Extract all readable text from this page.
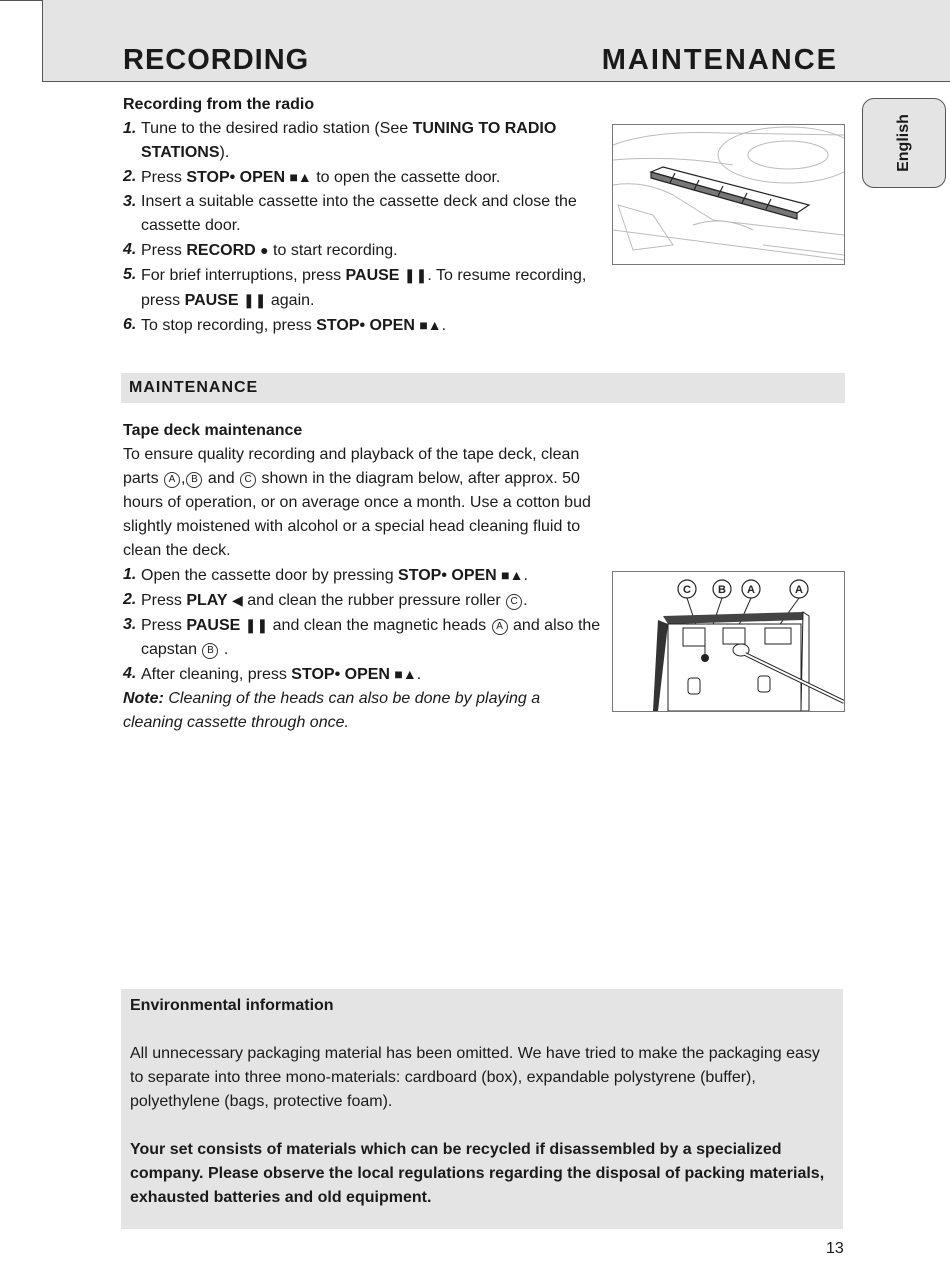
RECORDING	MAINTENANCE
English
Recording from the radio
1. Tune to the desired radio station (See TUNING TO RADIO STATIONS).
2. Press STOP• OPEN ■▲ to open the cassette door.
3. Insert a suitable cassette into the cassette deck and close the cassette door.
4. Press RECORD ● to start recording.
5. For brief interruptions, press PAUSE ❚❚. To resume recording, press PAUSE ❚❚ again.
6. To stop recording, press STOP• OPEN ■▲.
MAINTENANCE
Tape deck maintenance
To ensure quality recording and playback of the tape deck, clean parts A , B and C shown in the diagram below, after approx. 50 hours of operation, or on average once a month. Use a cotton bud slightly moistened with alcohol or a special head cleaning fluid to clean the deck.
1. Open the cassette door by pressing STOP• OPEN ■▲.
2. Press PLAY ◀ and clean the rubber pressure roller C .
3. Press PAUSE ❚❚ and clean the magnetic heads A and also the capstan B .
4. After cleaning, press STOP• OPEN ■▲.
Note: Cleaning of the heads can also be done by playing a cleaning cassette through once.
C B A	A
Environmental information
All unnecessary packaging material has been omitted. We have tried to make the packaging easy to separate into three mono-materials: cardboard (box), expandable polystyrene (buffer), polyethylene (bags, protective foam).
Your set consists of materials which can be recycled if disassembled by a specialized company. Please observe the local regulations regarding the disposal of packing materials, exhausted batteries and old equipment.
13
